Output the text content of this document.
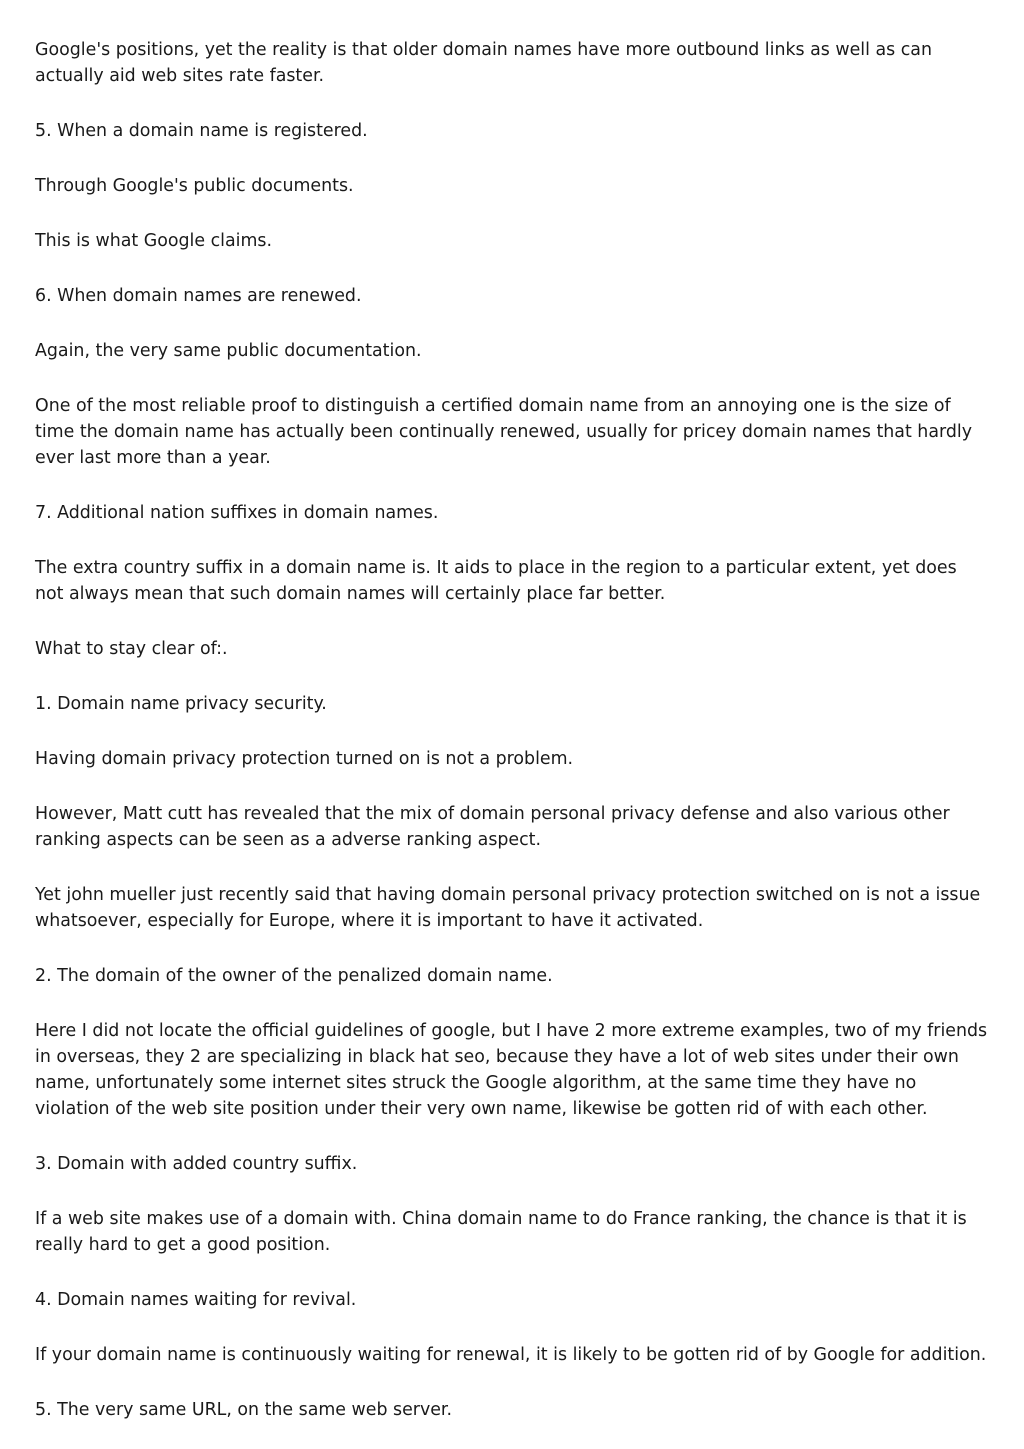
Google's positions, yet the reality is that older domain names have more outbound links as well as can actually aid web sites rate faster.

5. When a domain name is registered.

Through Google's public documents.

This is what Google claims.

6. When domain names are renewed.

Again, the very same public documentation.

One of the most reliable proof to distinguish a certified domain name from an annoying one is the size of time the domain name has actually been continually renewed, usually for pricey domain names that hardly ever last more than a year.

7. Additional nation suffixes in domain names.

The extra country suffix in a domain name is. It aids to place in the region to a particular extent, yet does not always mean that such domain names will certainly place far better.

What to stay clear of:.

1. Domain name privacy security.

Having domain privacy protection turned on is not a problem.

However, Matt cutt has revealed that the mix of domain personal privacy defense and also various other ranking aspects can be seen as a adverse ranking aspect.

Yet john mueller just recently said that having domain personal privacy protection switched on is not a issue whatsoever, especially for Europe, where it is important to have it activated.

2. The domain of the owner of the penalized domain name.

Here I did not locate the official guidelines of google, but I have 2 more extreme examples, two of my friends in overseas, they 2 are specializing in black hat seo, because they have a lot of web sites under their own name, unfortunately some internet sites struck the Google algorithm, at the same time they have no violation of the web site position under their very own name, likewise be gotten rid of with each other.

3. Domain with added country suffix.

If a web site makes use of a domain with. China domain name to do France ranking, the chance is that it is really hard to get a good position.

4. Domain names waiting for revival.

If your domain name is continuously waiting for renewal, it is likely to be gotten rid of by Google for addition.

5. The very same URL, on the same web server.
